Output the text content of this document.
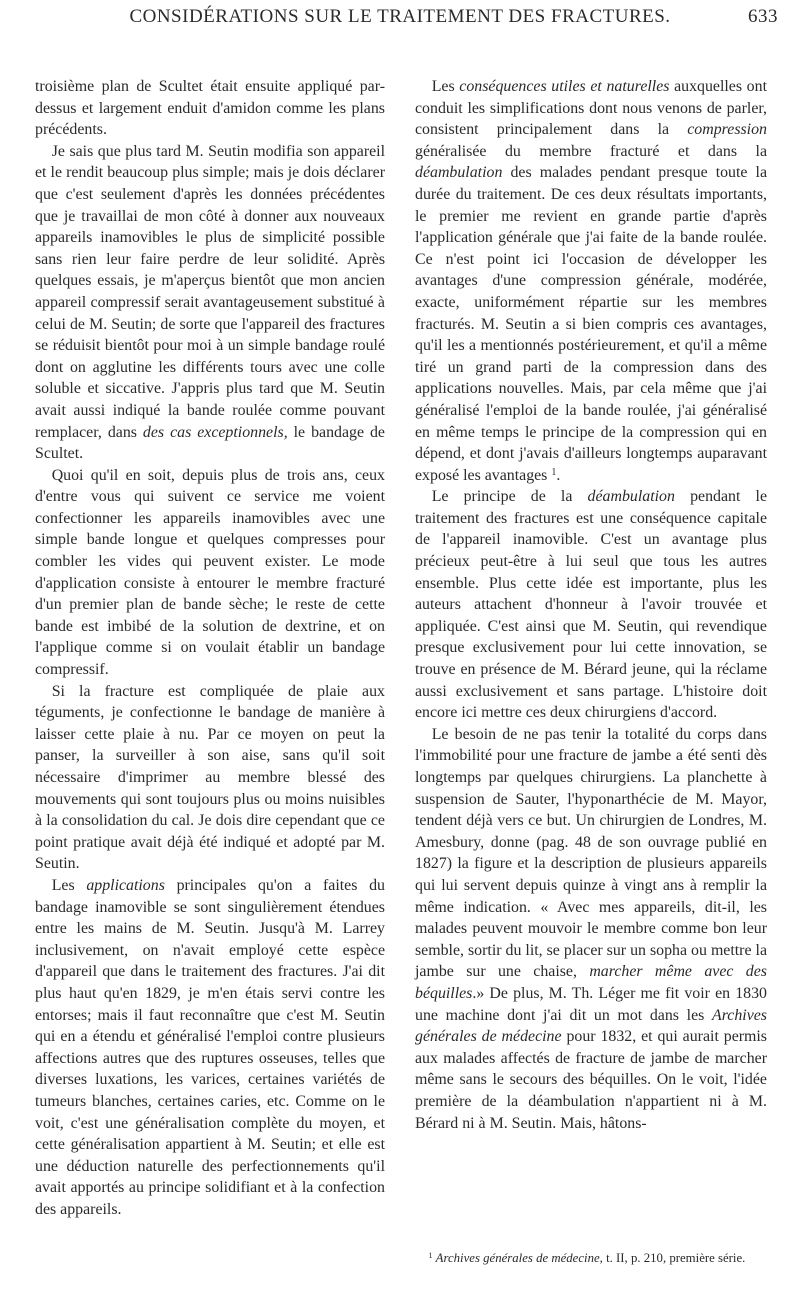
CONSIDÉRATIONS SUR LE TRAITEMENT DES FRACTURES.	633

troisième plan de Scultet était ensuite appliqué par-dessus et largement enduit d'amidon comme les plans précédents.

Je sais que plus tard M. Seutin modifia son appareil et le rendit beaucoup plus simple; mais je dois déclarer que c'est seulement d'après les données précédentes que je travaillai de mon côté à donner aux nouveaux appareils inamovibles le plus de simplicité possible sans rien leur faire perdre de leur solidité. Après quelques essais, je m'aperçus bientôt que mon ancien appareil compressif serait avantageusement substitué à celui de M. Seutin; de sorte que l'appareil des fractures se réduisit bientôt pour moi à un simple bandage roulé dont on agglutine les différents tours avec une colle soluble et siccative. J'appris plus tard que M. Seutin avait aussi indiqué la bande roulée comme pouvant remplacer, dans des cas exceptionnels, le bandage de Scultet.

Quoi qu'il en soit, depuis plus de trois ans, ceux d'entre vous qui suivent ce service me voient confectionner les appareils inamovibles avec une simple bande longue et quelques compresses pour combler les vides qui peuvent exister. Le mode d'application consiste à entourer le membre fracturé d'un premier plan de bande sèche; le reste de cette bande est imbibé de la solution de dextrine, et on l'applique comme si on voulait établir un bandage compressif.

Si la fracture est compliquée de plaie aux téguments, je confectionne le bandage de manière à laisser cette plaie à nu. Par ce moyen on peut la panser, la surveiller à son aise, sans qu'il soit nécessaire d'imprimer au membre blessé des mouvements qui sont toujours plus ou moins nuisibles à la consolidation du cal. Je dois dire cependant que ce point pratique avait déjà été indiqué et adopté par M. Seutin.

Les applications principales qu'on a faites du bandage inamovible se sont singulièrement étendues entre les mains de M. Seutin. Jusqu'à M. Larrey inclusivement, on n'avait employé cette espèce d'appareil que dans le traitement des fractures. J'ai dit plus haut qu'en 1829, je m'en étais servi contre les entorses; mais il faut reconnaître que c'est M. Seutin qui en a étendu et généralisé l'emploi contre plusieurs affections autres que des ruptures osseuses, telles que diverses luxations, les varices, certaines variétés de tumeurs blanches, certaines caries, etc. Comme on le voit, c'est une généralisation complète du moyen, et cette généralisation appartient à M. Seutin; et elle est une déduction naturelle des perfectionnements qu'il avait apportés au principe solidifiant et à la confection des appareils.

Les conséquences utiles et naturelles auxquelles ont conduit les simplifications dont nous venons de parler, consistent principalement dans la compression généralisée du membre fracturé et dans la déambulation des malades pendant presque toute la durée du traitement. De ces deux résultats importants, le premier me revient en grande partie d'après l'application générale que j'ai faite de la bande roulée. Ce n'est point ici l'occasion de développer les avantages d'une compression générale, modérée, exacte, uniformément répartie sur les membres fracturés. M. Seutin a si bien compris ces avantages, qu'il les a mentionnés postérieurement, et qu'il a même tiré un grand parti de la compression dans des applications nouvelles. Mais, par cela même que j'ai généralisé l'emploi de la bande roulée, j'ai généralisé en même temps le principe de la compression qui en dépend, et dont j'avais d'ailleurs longtemps auparavant exposé les avantages $^1$.

Le principe de la déambulation pendant le traitement des fractures est une conséquence capitale de l'appareil inamovible. C'est un avantage plus précieux peut-être à lui seul que tous les autres ensemble. Plus cette idée est importante, plus les auteurs attachent d'honneur à l'avoir trouvée et appliquée. C'est ainsi que M. Seutin, qui revendique presque exclusivement pour lui cette innovation, se trouve en présence de M. Bérard jeune, qui la réclame aussi exclusivement et sans partage. L'histoire doit encore ici mettre ces deux chirurgiens d'accord.

Le besoin de ne pas tenir la totalité du corps dans l'immobilité pour une fracture de jambe a été senti dès longtemps par quelques chirurgiens. La planchette à suspension de Sauter, l'hyponarthécie de M. Mayor, tendent déjà vers ce but. Un chirurgien de Londres, M. Amesbury, donne (pag. 48 de son ouvrage publié en 1827) la figure et la description de plusieurs appareils qui lui servent depuis quinze à vingt ans à remplir la même indication. « Avec mes appareils, dit-il, les malades peuvent mouvoir le membre comme bon leur semble, sortir du lit, se placer sur un sopha ou mettre la jambe sur une chaise, marcher même avec des béquilles.» De plus, M. Th. Léger me fit voir en 1830 une machine dont j'ai dit un mot dans les Archives générales de médecine pour 1832, et qui aurait permis aux malades affectés de fracture de jambe de marcher même sans le secours des béquilles. On le voit, l'idée première de la déambulation n'appartient ni à M. Bérard ni à M. Seutin. Mais, hâtons-

$^1$ Archives générales de médecine, t. II, p. 210, première série.
